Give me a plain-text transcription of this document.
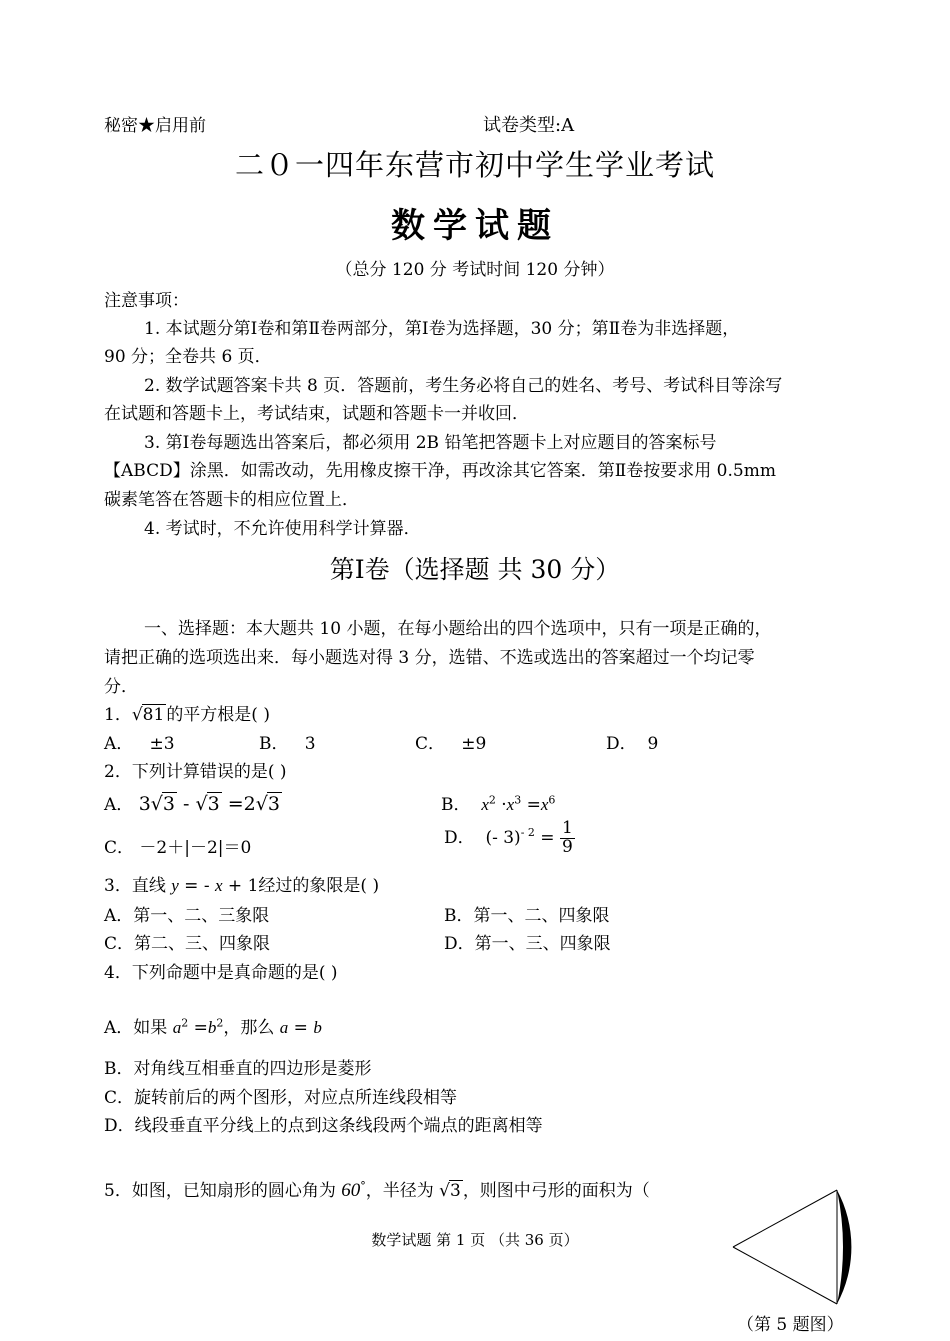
秘密★启用前	试卷类型:A
二０一四年东营市初中学生学业考试
数学试题
（总分 120 分 考试时间 120 分钟）
注意事项：
1. 本试题分第Ⅰ卷和第Ⅱ卷两部分，第Ⅰ卷为选择题，30 分；第Ⅱ卷为非选择题，
90 分；全卷共 6 页．
2. 数学试题答案卡共 8 页．答题前，考生务必将自己的姓名、考号、考试科目等涂写
在试题和答题卡上，考试结束，试题和答题卡一并收回．
3. 第Ⅰ卷每题选出答案后，都必须用 2B 铅笔把答题卡上对应题目的答案标号
【ABCD】涂黑．如需改动，先用橡皮擦干净，再改涂其它答案．第Ⅱ卷按要求用 0.5mm
碳素笔答在答题卡的相应位置上．
4. 考试时，不允许使用科学计算器．
第Ⅰ卷（选择题 共 30 分）
一、选择题：本大题共 10 小题，在每小题给出的四个选项中，只有一项是正确的，
请把正确的选项选出来．每小题选对得 3 分，选错、不选或选出的答案超过一个均记零
分．
1．√81 的平方根是( )
A． ±3	B． 3	C． ±9	D． 9
2．下列计算错误的是( )
A． 3√3 - √3 =2√3	B． $x^2 \cdot x^3 =x^6$
C． －2＋|－2|＝0
D． (- $3)^{- 2} = \frac{1}{9}$
3．直线 y = - x + 1经过的象限是( )
A．第一、二、三象限	B．第一、二、四象限
C．第二、三、四象限	D．第一、三、四象限
4．下列命题中是真命题的是( )
A．如果 $a^2 =b^2$，那么 a = b
B．对角线互相垂直的四边形是菱形
C．旋转前后的两个图形，对应点所连线段相等
D．线段垂直平分线上的点到这条线段两个端点的距离相等
5．如图，已知扇形的圆心角为 60°，半径为 √3 ，则图中弓形的面积为（
（第 5 题图）
数学试题 第 1 页 （共 36 页）
